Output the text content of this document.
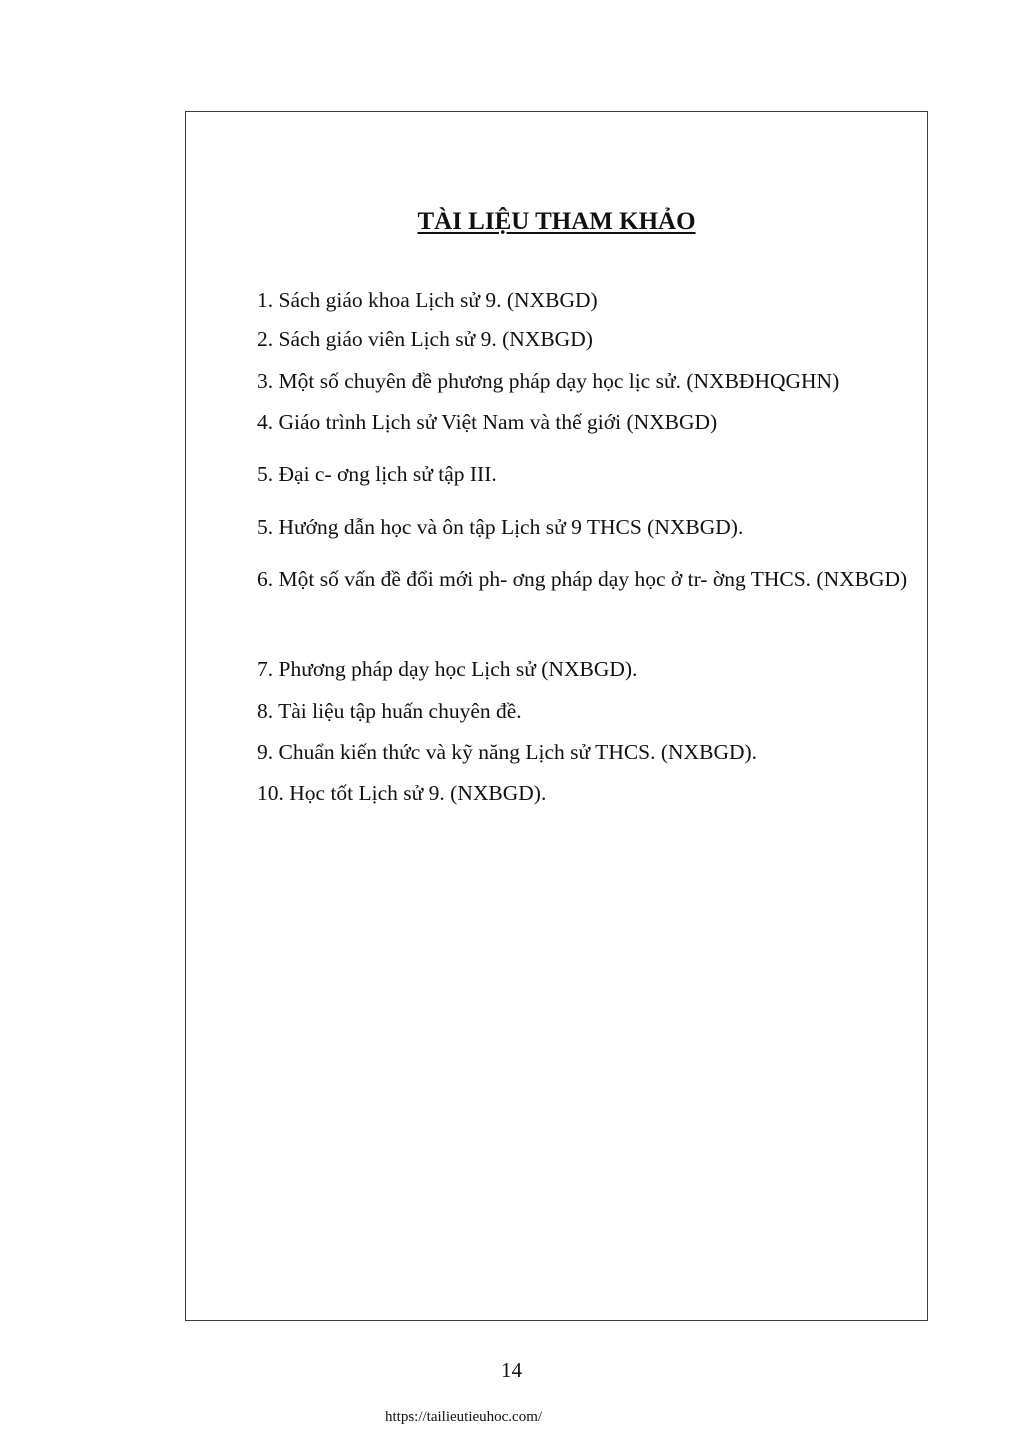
TÀI LIỆU THAM KHẢO

1. Sách giáo khoa Lịch sử 9. (NXBGD)

2. Sách giáo viên Lịch sử 9. (NXBGD)

3. Một số chuyên đề phương pháp dạy học lịc sử. (NXBĐHQGHN)

4. Giáo trình Lịch sử Việt Nam và thế giới (NXBGD)

5. Đại c- ơng lịch sử tập III.

5. Hướng dẫn học và ôn tập Lịch sử 9 THCS (NXBGD).

6. Một số vấn đề đổi mới ph- ơng pháp dạy học ở tr- ờng THCS. (NXBGD)

7. Phương pháp dạy học Lịch sử (NXBGD).

8. Tài liệu tập huấn chuyên đề.

9. Chuẩn kiến thức và kỹ năng Lịch sử THCS. (NXBGD).

10. Học tốt Lịch sử 9. (NXBGD).

14

https://tailieutieuhoc.com/
